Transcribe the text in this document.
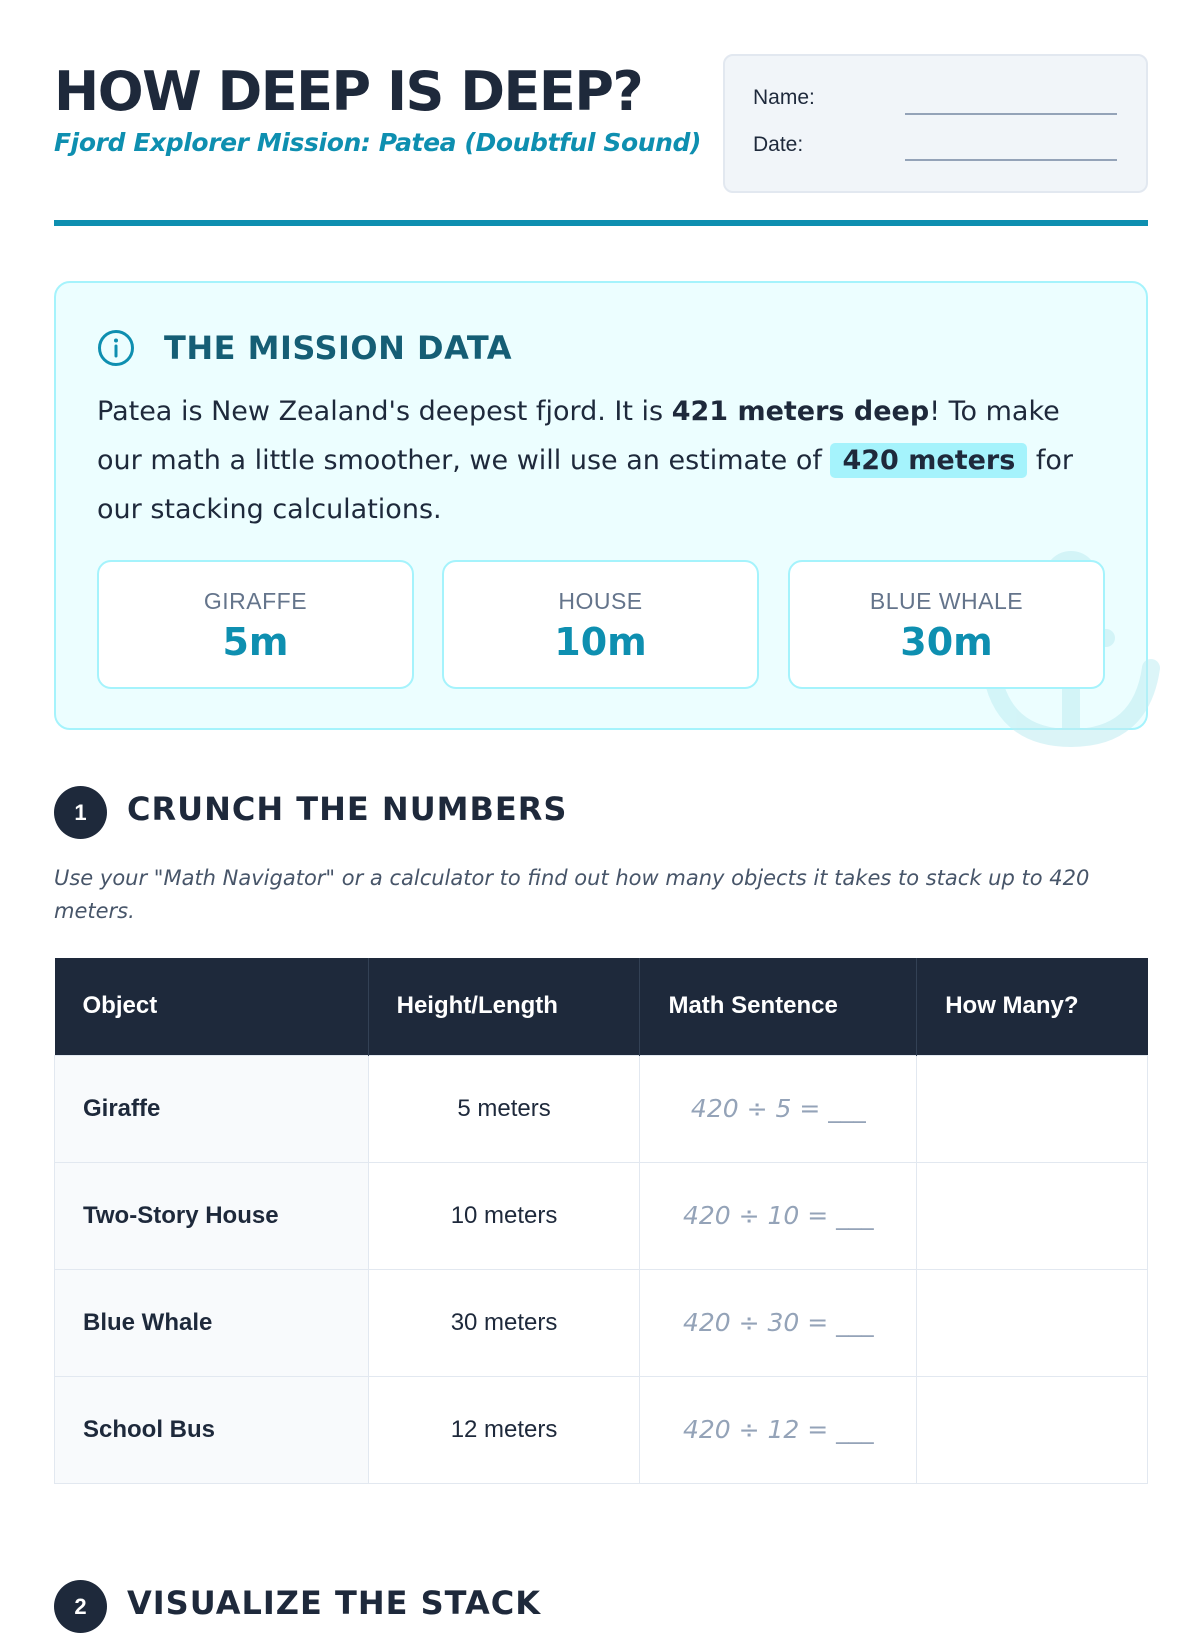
HOW DEEP IS DEEP?
Fjord Explorer Mission: Patea (Doubtful Sound)
Name:
Date:
THE MISSION DATA

Patea is New Zealand's deepest fjord. It is 421 meters deep! To make our math a little smoother, we will use an estimate of 420 meters for our stacking calculations.

GIRAFFE
5m
HOUSE
10m
BLUE WHALE
30m
1	CRUNCH THE NUMBERS

Use your "Math Navigator" or a calculator to find out how many objects it takes to stack up to 420 meters.

Object	Height/Length	Math Sentence	How Many?
Giraffe	5 meters	420 ÷ 5 = ___	
Two-Story House	10 meters	420 ÷ 10 = ___	
Blue Whale	30 meters	420 ÷ 30 = ___	
School Bus	12 meters	420 ÷ 12 = ___	
2	VISUALIZE THE STACK
